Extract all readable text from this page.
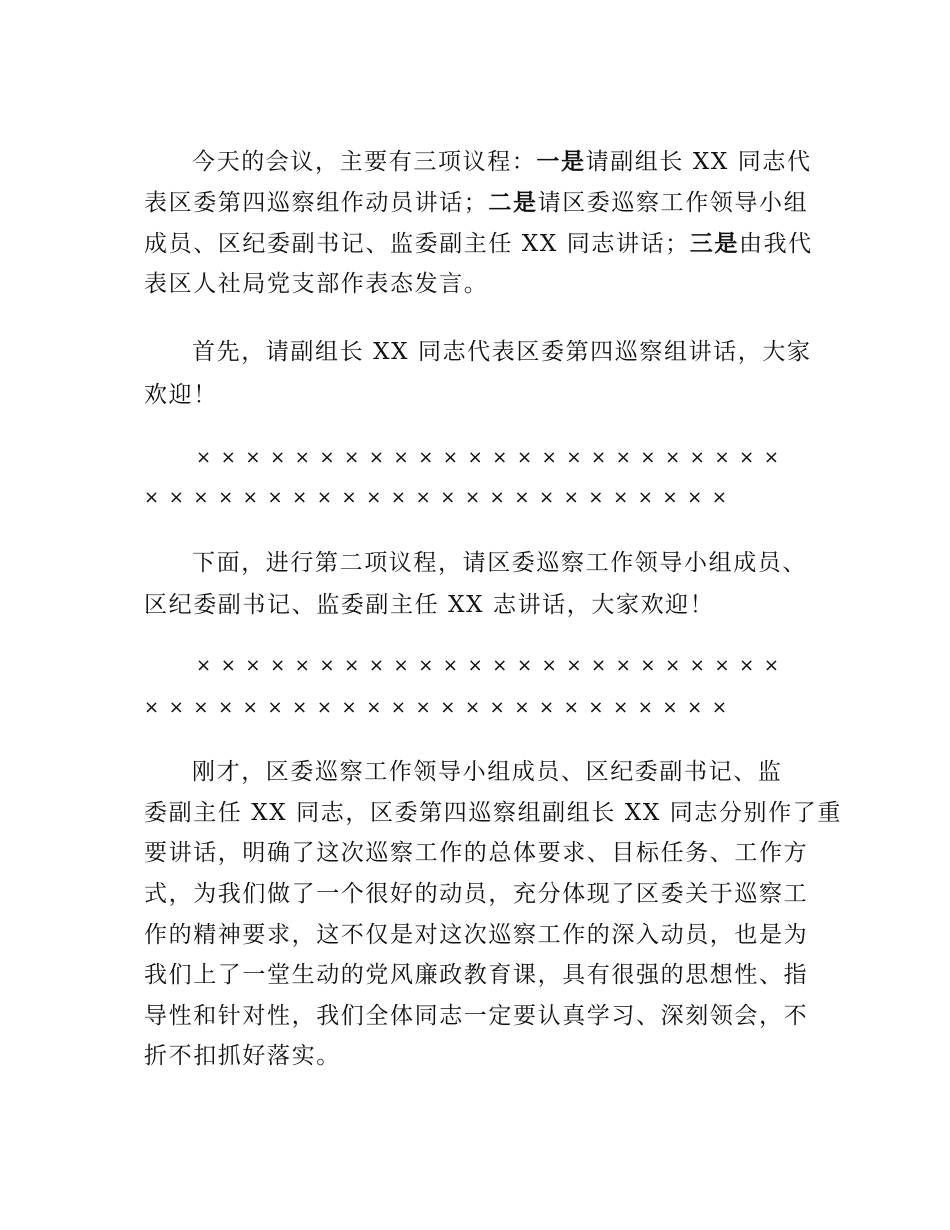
今天的会议，主要有三项议程：一是请副组长 XX 同志代
表区委第四巡察组作动员讲话；二是请区委巡察工作领导小组
成员、区纪委副书记、监委副主任 XX 同志讲话；三是由我代
表区人社局党支部作表态发言。
首先，请副组长 XX 同志代表区委第四巡察组讲话，大家
欢迎！
× × × × × × × × × × × × × × × × × × × × × × × ×
× × × × × × × × × × × × × × × × × × × × × × × ×
下面，进行第二项议程，请区委巡察工作领导小组成员、
区纪委副书记、监委副主任 XX 志讲话，大家欢迎！
× × × × × × × × × × × × × × × × × × × × × × × ×
× × × × × × × × × × × × × × × × × × × × × × × ×
刚才，区委巡察工作领导小组成员、区纪委副书记、监
委副主任 XX 同志，区委第四巡察组副组长 XX 同志分别作了重
要讲话，明确了这次巡察工作的总体要求、目标任务、工作方
式，为我们做了一个很好的动员，充分体现了区委关于巡察工
作的精神要求，这不仅是对这次巡察工作的深入动员，也是为
我们上了一堂生动的党风廉政教育课，具有很强的思想性、指
导性和针对性，我们全体同志一定要认真学习、深刻领会，不
折不扣抓好落实。
